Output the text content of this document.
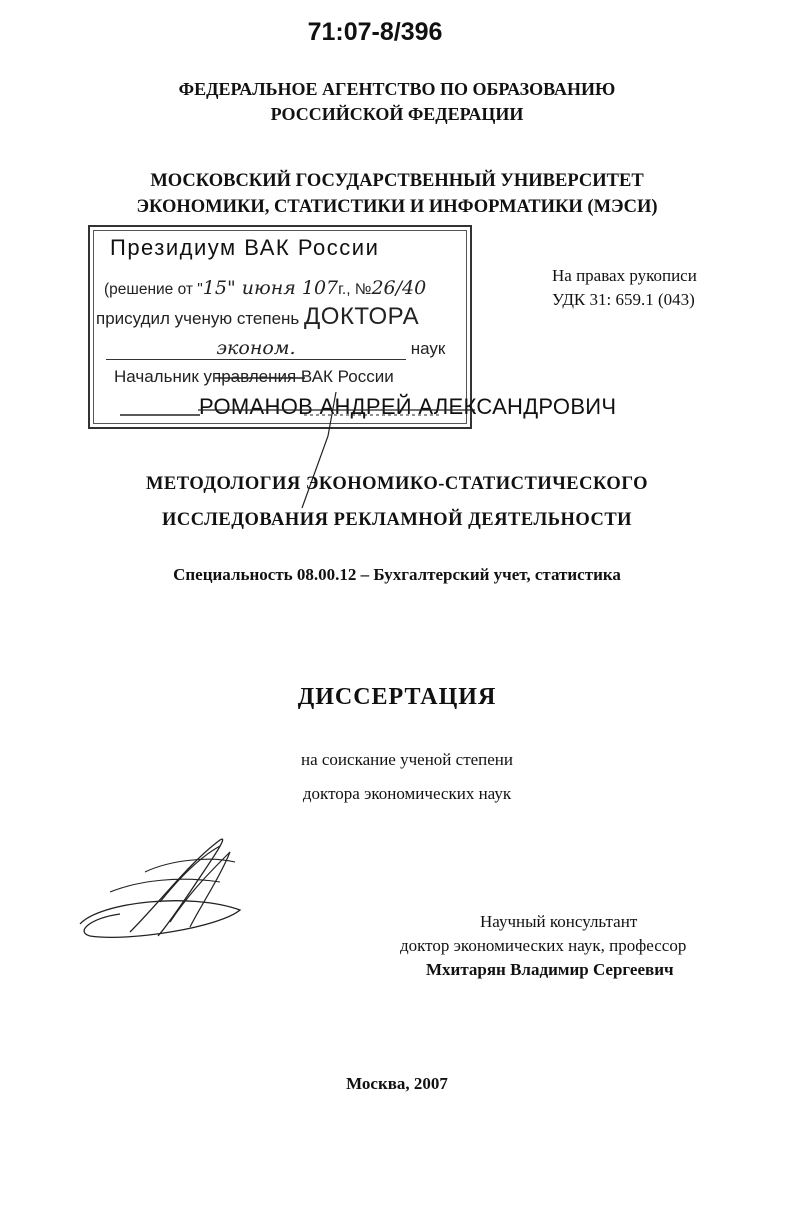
71:07-8/396
ФЕДЕРАЛЬНОЕ АГЕНТСТВО ПО ОБРАЗОВАНИЮ
РОССИЙСКОЙ ФЕДЕРАЦИИ
МОСКОВСКИЙ ГОСУДАРСТВЕННЫЙ УНИВЕРСИТЕТ
ЭКОНОМИКИ, СТАТИСТИКИ И ИНФОРМАТИКИ (МЭСИ)
Президиум ВАК России
(решение от "15" июня 107г., №26/40
присудил ученую степень ДОКТОРА
эконом.	наук
Начальник управления ВАК России
На правах рукописи
УДК 31: 659.1 (043)
РОМАНОВ АНДРЕЙ АЛЕКСАНДРОВИЧ
МЕТОДОЛОГИЯ ЭКОНОМИКО-СТАТИСТИЧЕСКОГО
ИССЛЕДОВАНИЯ РЕКЛАМНОЙ ДЕЯТЕЛЬНОСТИ
Специальность 08.00.12 – Бухгалтерский учет, статистика
ДИССЕРТАЦИЯ
на соискание ученой степени
доктора экономических наук
Научный консультант
доктор экономических наук, профессор
Мхитарян Владимир Сергеевич
Москва, 2007
